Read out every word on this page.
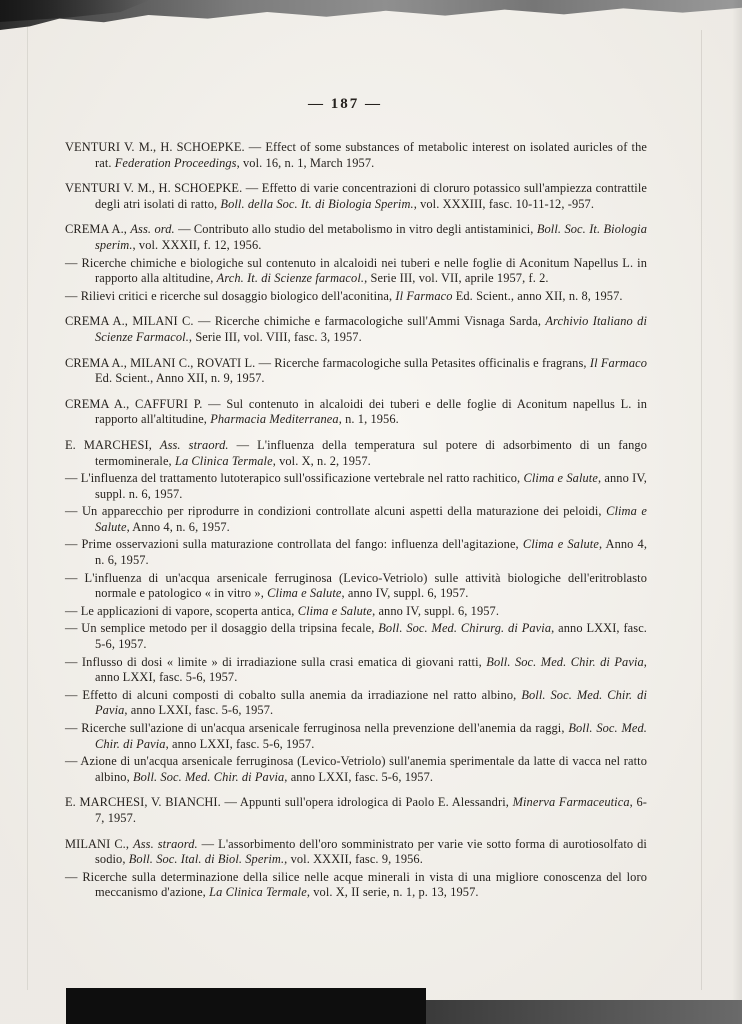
— 187 —

VENTURI V. M., H. SCHOEPKE. — Effect of some substances of metabolic interest on isolated auricles of the rat. Federation Proceedings, vol. 16, n. 1, March 1957.

VENTURI V. M., H. SCHOEPKE. — Effetto di varie concentrazioni di cloruro potassico sull'ampiezza contrattile degli atri isolati di ratto, Boll. della Soc. It. di Biologia Sperim., vol. XXXIII, fasc. 10-11-12, -957.

CREMA A., Ass. ord. — Contributo allo studio del metabolismo in vitro degli antistaminici, Boll. Soc. It. Biologia sperim., vol. XXXII, f. 12, 1956.

— Ricerche chimiche e biologiche sul contenuto in alcaloidi nei tuberi e nelle foglie di Aconitum Napellus L. in rapporto alla altitudine, Arch. It. di Scienze farmacol., Serie III, vol. VII, aprile 1957, f. 2.

— Rilievi critici e ricerche sul dosaggio biologico dell'aconitina, Il Farmaco Ed. Scient., anno XII, n. 8, 1957.

CREMA A., MILANI C. — Ricerche chimiche e farmacologiche sull'Ammi Visnaga Sarda, Archivio Italiano di Scienze Farmacol., Serie III, vol. VIII, fasc. 3, 1957.

CREMA A., MILANI C., ROVATI L. — Ricerche farmacologiche sulla Petasites officinalis e fragrans, Il Farmaco Ed. Scient., Anno XII, n. 9, 1957.

CREMA A., CAFFURI P. — Sul contenuto in alcaloidi dei tuberi e delle foglie di Aconitum napellus L. in rapporto all'altitudine, Pharmacia Mediterranea, n. 1, 1956.

E. MARCHESI, Ass. straord. — L'influenza della temperatura sul potere di adsorbimento di un fango termominerale, La Clinica Termale, vol. X, n. 2, 1957.

— L'influenza del trattamento lutoterapico sull'ossificazione vertebrale nel ratto rachitico, Clima e Salute, anno IV, suppl. n. 6, 1957.

— Un apparecchio per riprodurre in condizioni controllate alcuni aspetti della maturazione dei peloidi, Clima e Salute, Anno 4, n. 6, 1957.

— Prime osservazioni sulla maturazione controllata del fango: influenza dell'agitazione, Clima e Salute, Anno 4, n. 6, 1957.

— L'influenza di un'acqua arsenicale ferruginosa (Levico-Vetriolo) sulle attività biologiche dell'eritroblasto normale e patologico « in vitro », Clima e Salute, anno IV, suppl. 6, 1957.

— Le applicazioni di vapore, scoperta antica, Clima e Salute, anno IV, suppl. 6, 1957.

— Un semplice metodo per il dosaggio della tripsina fecale, Boll. Soc. Med. Chirurg. di Pavia, anno LXXI, fasc. 5-6, 1957.

— Influsso di dosi « limite » di irradiazione sulla crasi ematica di giovani ratti, Boll. Soc. Med. Chir. di Pavia, anno LXXI, fasc. 5-6, 1957.

— Effetto di alcuni composti di cobalto sulla anemia da irradiazione nel ratto albino, Boll. Soc. Med. Chir. di Pavia, anno LXXI, fasc. 5-6, 1957.

— Ricerche sull'azione di un'acqua arsenicale ferruginosa nella prevenzione dell'anemia da raggi, Boll. Soc. Med. Chir. di Pavia, anno LXXI, fasc. 5-6, 1957.

— Azione di un'acqua arsenicale ferruginosa (Levico-Vetriolo) sull'anemia sperimentale da latte di vacca nel ratto albino, Boll. Soc. Med. Chir. di Pavia, anno LXXI, fasc. 5-6, 1957.

E. MARCHESI, V. BIANCHI. — Appunti sull'opera idrologica di Paolo E. Alessandri, Minerva Farmaceutica, 6-7, 1957.

MILANI C., Ass. straord. — L'assorbimento dell'oro somministrato per varie vie sotto forma di aurotiosolfato di sodio, Boll. Soc. Ital. di Biol. Sperim., vol. XXXII, fasc. 9, 1956.

— Ricerche sulla determinazione della silice nelle acque minerali in vista di una migliore conoscenza del loro meccanismo d'azione, La Clinica Termale, vol. X, II serie, n. 1, p. 13, 1957.
